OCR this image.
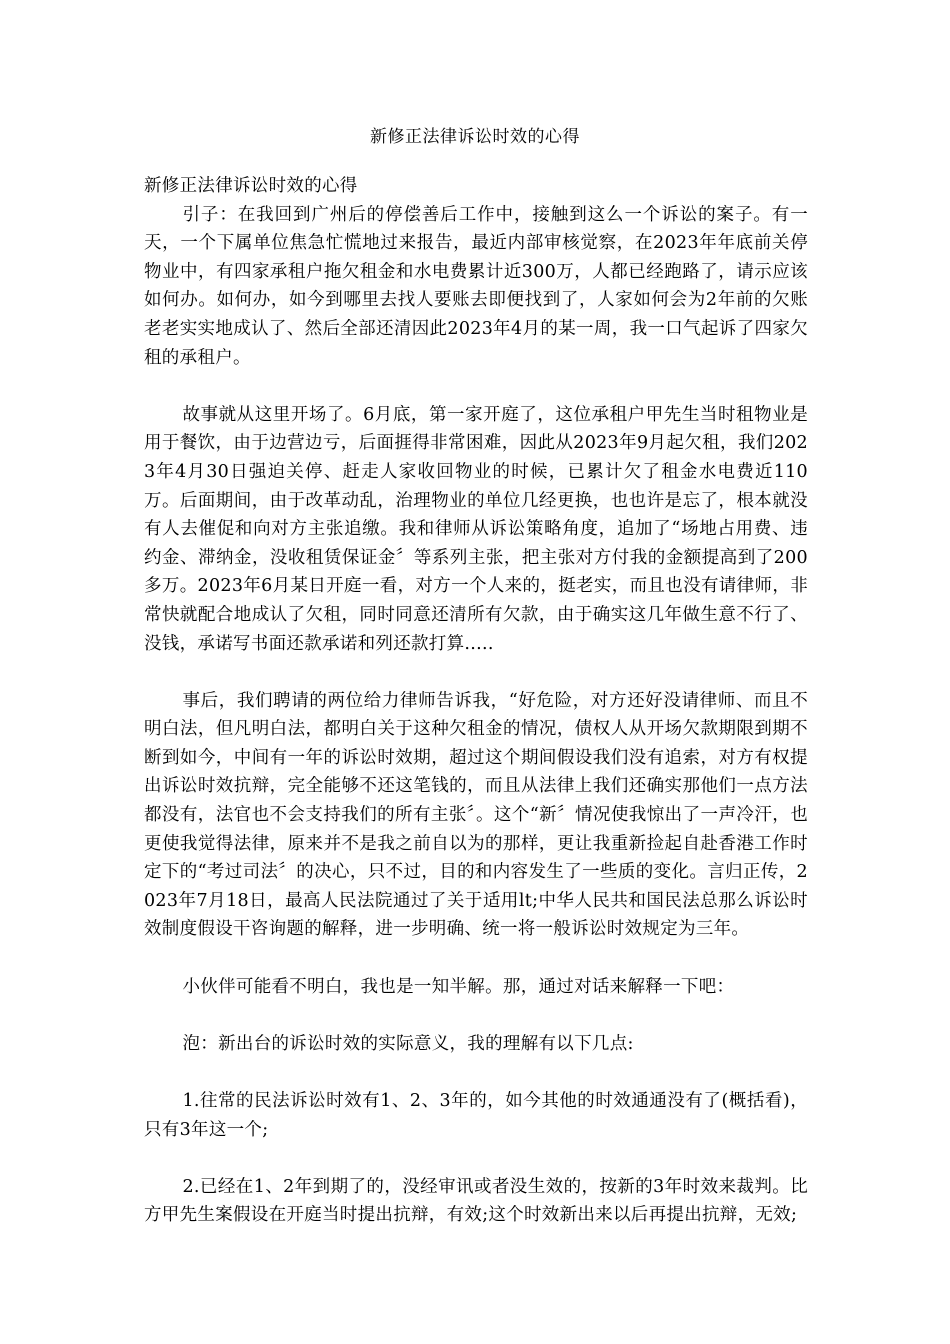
新修正法律诉讼时效的心得

新修正法律诉讼时效的心得

引子：在我回到广州后的停偿善后工作中，接触到这么一个诉讼的案子。有一天，一个下属单位焦急忙慌地过来报告，最近内部审核觉察，在2023年年底前关停物业中，有四家承租户拖欠租金和水电费累计近300万，人都已经跑路了，请示应该如何办。如何办，如今到哪里去找人要账去即便找到了，人家如何会为2年前的欠账老老实实地成认了、然后全部还清因此2023年4月的某一周，我一口气起诉了四家欠租的承租户。

故事就从这里开场了。6月底，第一家开庭了，这位承租户甲先生当时租物业是用于餐饮，由于边营边亏，后面捱得非常困难，因此从2023年9月起欠租，我们2023年4月30日强迫关停、赶走人家收回物业的时候，已累计欠了租金水电费近110万。后面期间，由于改革动乱，治理物业的单位几经更换，也也许是忘了，根本就没有人去催促和向对方主张追缴。我和律师从诉讼策略角度，追加了“场地占用费、违约金、滞纳金，没收租赁保证金〞等系列主张，把主张对方付我的金额提高到了200多万。2023年6月某日开庭一看，对方一个人来的，挺老实，而且也没有请律师，非常快就配合地成认了欠租，同时同意还清所有欠款，由于确实这几年做生意不行了、没钱，承诺写书面还款承诺和列还款打算.....

事后，我们聘请的两位给力律师告诉我，“好危险，对方还好没请律师、而且不明白法，但凡明白法，都明白关于这种欠租金的情况，债权人从开场欠款期限到期不断到如今，中间有一年的诉讼时效期，超过这个期间假设我们没有追索，对方有权提出诉讼时效抗辩，完全能够不还这笔钱的，而且从法律上我们还确实那他们一点方法都没有，法官也不会支持我们的所有主张〞。这个“新〞情况使我惊出了一声冷汗，也更使我觉得法律，原来并不是我之前自以为的那样，更让我重新捡起自赴香港工作时定下的“考过司法〞的决心，只不过，目的和内容发生了一些质的变化。言归正传，2023年7月18日，最高人民法院通过了关于适用lt;中华人民共和国民法总那么诉讼时效制度假设干咨询题的解释，进一步明确、统一将一般诉讼时效规定为三年。

小伙伴可能看不明白，我也是一知半解。那，通过对话来解释一下吧：

泡：新出台的诉讼时效的实际意义，我的理解有以下几点:

1.往常的民法诉讼时效有1、2、3年的，如今其他的时效通通没有了(概括看)，只有3年这一个;

2.已经在1、2年到期了的，没经审讯或者没生效的，按新的3年时效来裁判。比方甲先生案假设在开庭当时提出抗辩，有效;这个时效新出来以后再提出抗辩，无效;
